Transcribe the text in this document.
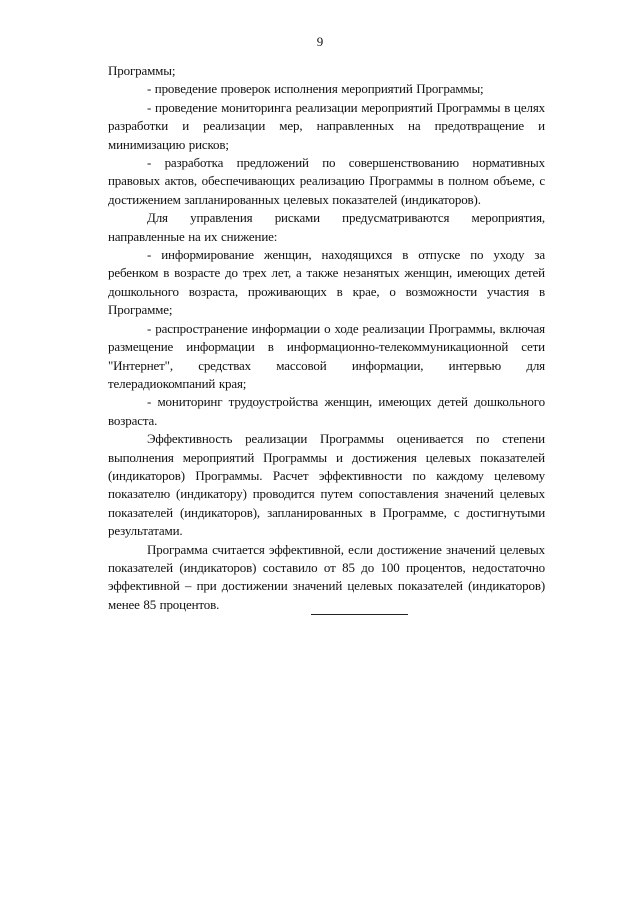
9

Программы;

- проведение проверок исполнения мероприятий Программы;

- проведение мониторинга реализации мероприятий Программы в целях разработки и реализации мер, направленных на предотвращение и минимизацию рисков;

- разработка предложений по совершенствованию нормативных правовых актов, обеспечивающих реализацию Программы в полном объеме, с достижением запланированных целевых показателей (индикаторов).

Для управления рисками предусматриваются мероприятия, направленные на их снижение:

- информирование женщин, находящихся в отпуске по уходу за ребенком в возрасте до трех лет, а также незанятых женщин, имеющих детей дошкольного возраста, проживающих в крае, о возможности участия в Программе;

- распространение информации о ходе реализации Программы, включая размещение информации в информационно-телекоммуникационной сети "Интернет", средствах массовой информации, интервью для телерадиокомпаний края;

- мониторинг трудоустройства женщин, имеющих детей дошкольного возраста.

Эффективность реализации Программы оценивается по степени выполнения мероприятий Программы и достижения целевых показателей (индикаторов) Программы. Расчет эффективности по каждому целевому показателю (индикатору) проводится путем сопоставления значений целевых показателей (индикаторов), запланированных в Программе, с достигнутыми результатами.

Программа считается эффективной, если достижение значений целевых показателей (индикаторов) составило от 85 до 100 процентов, недостаточно эффективной – при достижении значений целевых показателей (индикаторов) менее 85 процентов.
